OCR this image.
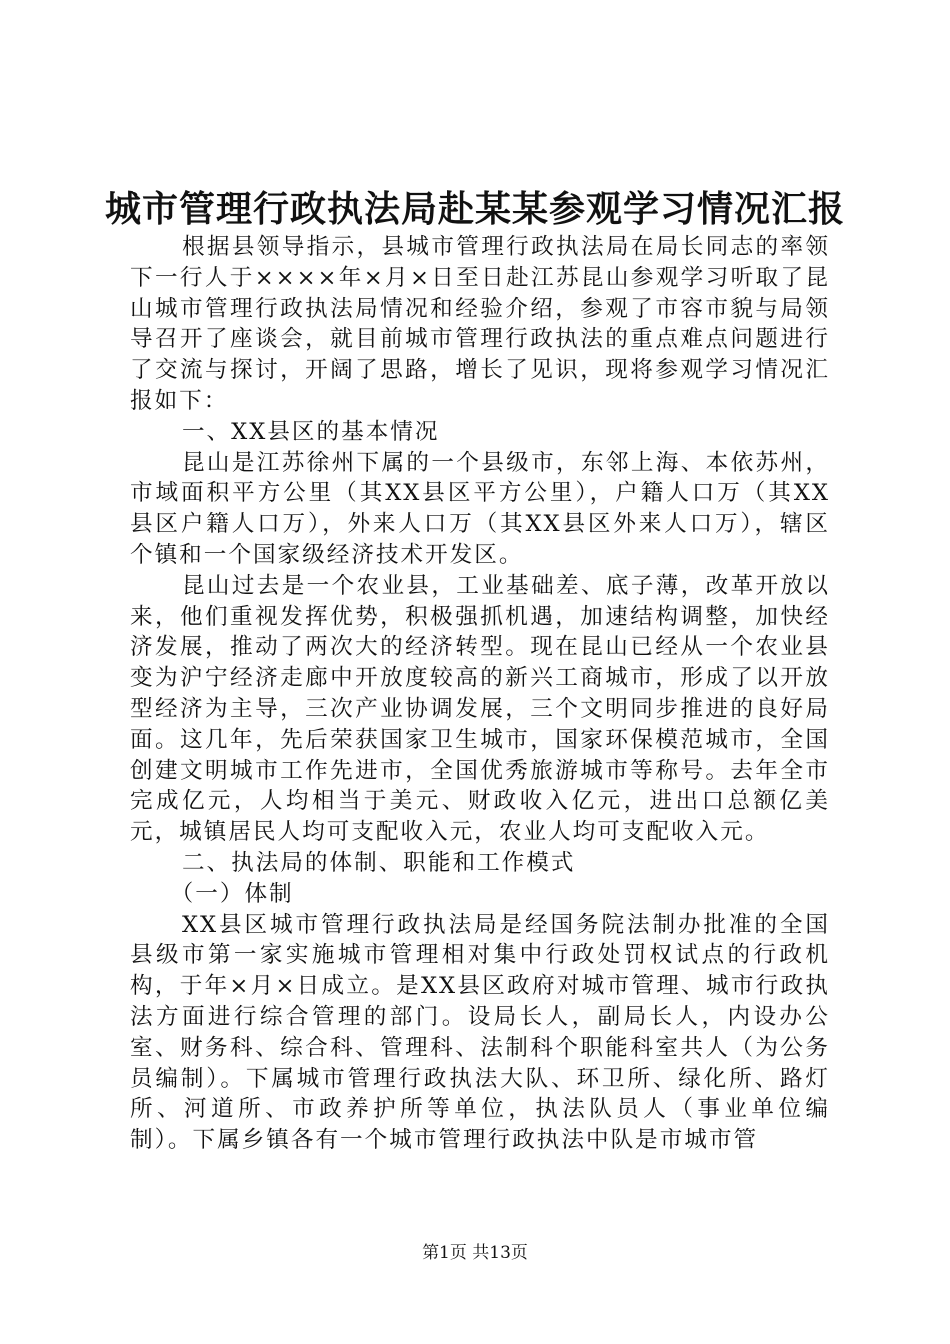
城市管理行政执法局赴某某参观学习情况汇报

根据县领导指示，县城市管理行政执法局在局长同志的率领下一行人于××××年×月×日至日赴江苏昆山参观学习听取了昆山城市管理行政执法局情况和经验介绍，参观了市容市貌与局领导召开了座谈会，就目前城市管理行政执法的重点难点问题进行了交流与探讨，开阔了思路，增长了见识，现将参观学习情况汇报如下：

一、XX县区的基本情况

昆山是江苏徐州下属的一个县级市，东邻上海、本依苏州，市域面积平方公里（其XX县区平方公里），户籍人口万（其XX县区户籍人口万），外来人口万（其XX县区外来人口万），辖区个镇和一个国家级经济技术开发区。

昆山过去是一个农业县，工业基础差、底子薄，改革开放以来，他们重视发挥优势，积极强抓机遇，加速结构调整，加快经济发展，推动了两次大的经济转型。现在昆山已经从一个农业县变为沪宁经济走廊中开放度较高的新兴工商城市，形成了以开放型经济为主导，三次产业协调发展，三个文明同步推进的良好局面。这几年，先后荣获国家卫生城市，国家环保模范城市，全国创建文明城市工作先进市，全国优秀旅游城市等称号。去年全市完成亿元，人均相当于美元、财政收入亿元，进出口总额亿美元，城镇居民人均可支配收入元，农业人均可支配收入元。

二、执法局的体制、职能和工作模式

（一）体制

XX县区城市管理行政执法局是经国务院法制办批准的全国县级市第一家实施城市管理相对集中行政处罚权试点的行政机构，于年×月×日成立。是XX县区政府对城市管理、城市行政执法方面进行综合管理的部门。设局长人，副局长人，内设办公室、财务科、综合科、管理科、法制科个职能科室共人（为公务员编制）。下属城市管理行政执法大队、环卫所、绿化所、路灯所、河道所、市政养护所等单位，执法队员人（事业单位编制）。下属乡镇各有一个城市管理行政执法中队是市城市管

第1页 共13页
